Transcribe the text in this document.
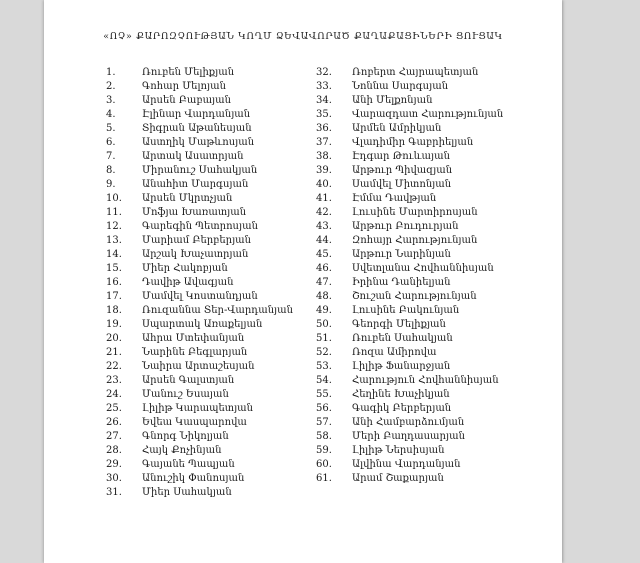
«ՈՉ» ՔԱՐՈԶՉՈՒԹՅԱՆ ԿՈՂՄ ՁԵՎԱՎՈՐԱԾ ՔԱՂԱՔԱՑԻՆԵՐԻ ՑՈՒՑԱԿ
1.	Ռուբեն Մելիքյան
2.	Գոհար Մելոյան
3.	Արսեն Բաբայան
4.	Էլինար Վարդանյան
5.	Տիգրան Աթանեսյան
6.	Աստղիկ Մաթևոսյան
7.	Արտակ Ասատրյան
8.	Միրանուշ Սահակյան
9.	Անահիտ Մարգսյան
10.	Արսեն Մկրտչյան
11.	Մոֆյա Խառատյան
12.	Գարեգին Պետրոսյան
13.	Մարիամ Բերբերյան
14.	Արշակ Խաչատրյան
15.	Միեր Հակոբյան
16.	Դավիթ Ավագյան
17.	Մամվել Կոստանդյան
18.	Ռուզաննա Տեր-Վարդանյան
19.	Սպարտակ Առաքելյան
20.	Ահրա Մտեփանյան
21.	Նարինե Բեգլարյան
22.	Նաիրա Արտաշեսյան
23.	Արսեն Գալստյան
24.	Մանուշ Եսայան
25.	Լիլիթ Կարապետյան
26.	Եվեա Կասպարովա
27.	Գնորգ Նիկոլյան
28.	Հայկ Քոչինյան
29.	Գայանե Պապյան
30.	Անուշիկ Փանոսյան
31.	Միեր Սահակյան
32.	Ռոբերտ Հայրապետյան
33.	Նոննա Սարգսյան
34.	Անի Մելքոնյան
35.	Վարազդատ Հարությունյան
36.	Արմեն Ամրիկյան
37.	Վլադիմիր Գաբրիելյան
38.	Էդգար Թուևայան
39.	Արթուր Պիվազյան
40.	Սամվել Միտոնյան
41.	Էմմա Դավթյան
42.	Լուսինե Մարտիրոսյան
43.	Արթուր Բուդուրյան
44.	Զոհայր Հարությունյան
45.	Արթուր Նարինյան
46.	Սվետլանա Հովհաննիսյան
47.	Իրինա Դանիելյան
48.	Շուշան Հարությունյան
49.	Լուսինե Բակունյան
50.	Գեորգի Մելիքյան
51.	Ռուբեն Սահակյան
52.	Ռոզա Ամիրովա
53.	Լիլիթ Ֆանարջյան
54.	Հարություն Հովհաննիսյան
55.	Հեղինե Խաչիկյան
56.	Գագիկ Բերբերյան
57.	Անի Համբարձումյան
58.	Մերի Բաղդասարյան
59.	Լիլիթ Ներսիսյան
60.	Ալվինա Վարդանյան
61.	Արամ Շաքարյան
